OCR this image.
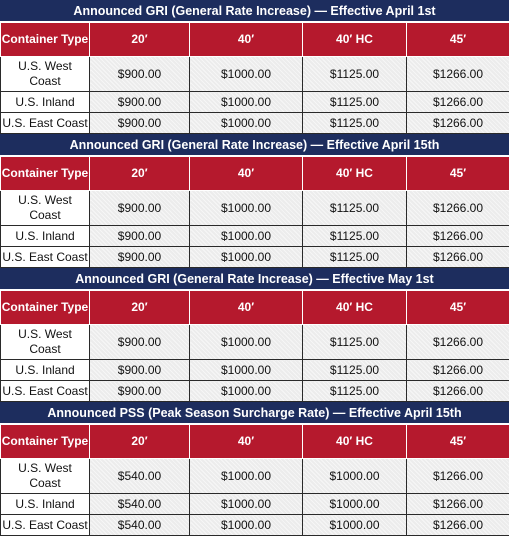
Announced GRI (General Rate Increase) — Effective April 1st
Container Type	20′	40′	40′ HC	45′
U.S. West Coast	$900.00	$1000.00	$1125.00	$1266.00
U.S. Inland	$900.00	$1000.00	$1125.00	$1266.00
U.S. East Coast	$900.00	$1000.00	$1125.00	$1266.00
Announced GRI (General Rate Increase) — Effective April 15th
Container Type	20′	40′	40′ HC	45′
U.S. West Coast	$900.00	$1000.00	$1125.00	$1266.00
U.S. Inland	$900.00	$1000.00	$1125.00	$1266.00
U.S. East Coast	$900.00	$1000.00	$1125.00	$1266.00
Announced GRI (General Rate Increase) — Effective May 1st
Container Type	20′	40′	40′ HC	45′
U.S. West Coast	$900.00	$1000.00	$1125.00	$1266.00
U.S. Inland	$900.00	$1000.00	$1125.00	$1266.00
U.S. East Coast	$900.00	$1000.00	$1125.00	$1266.00
Announced PSS (Peak Season Surcharge Rate) — Effective April 15th
Container Type	20′	40′	40′ HC	45′
U.S. West Coast	$540.00	$1000.00	$1000.00	$1266.00
U.S. Inland	$540.00	$1000.00	$1000.00	$1266.00
U.S. East Coast	$540.00	$1000.00	$1000.00	$1266.00
